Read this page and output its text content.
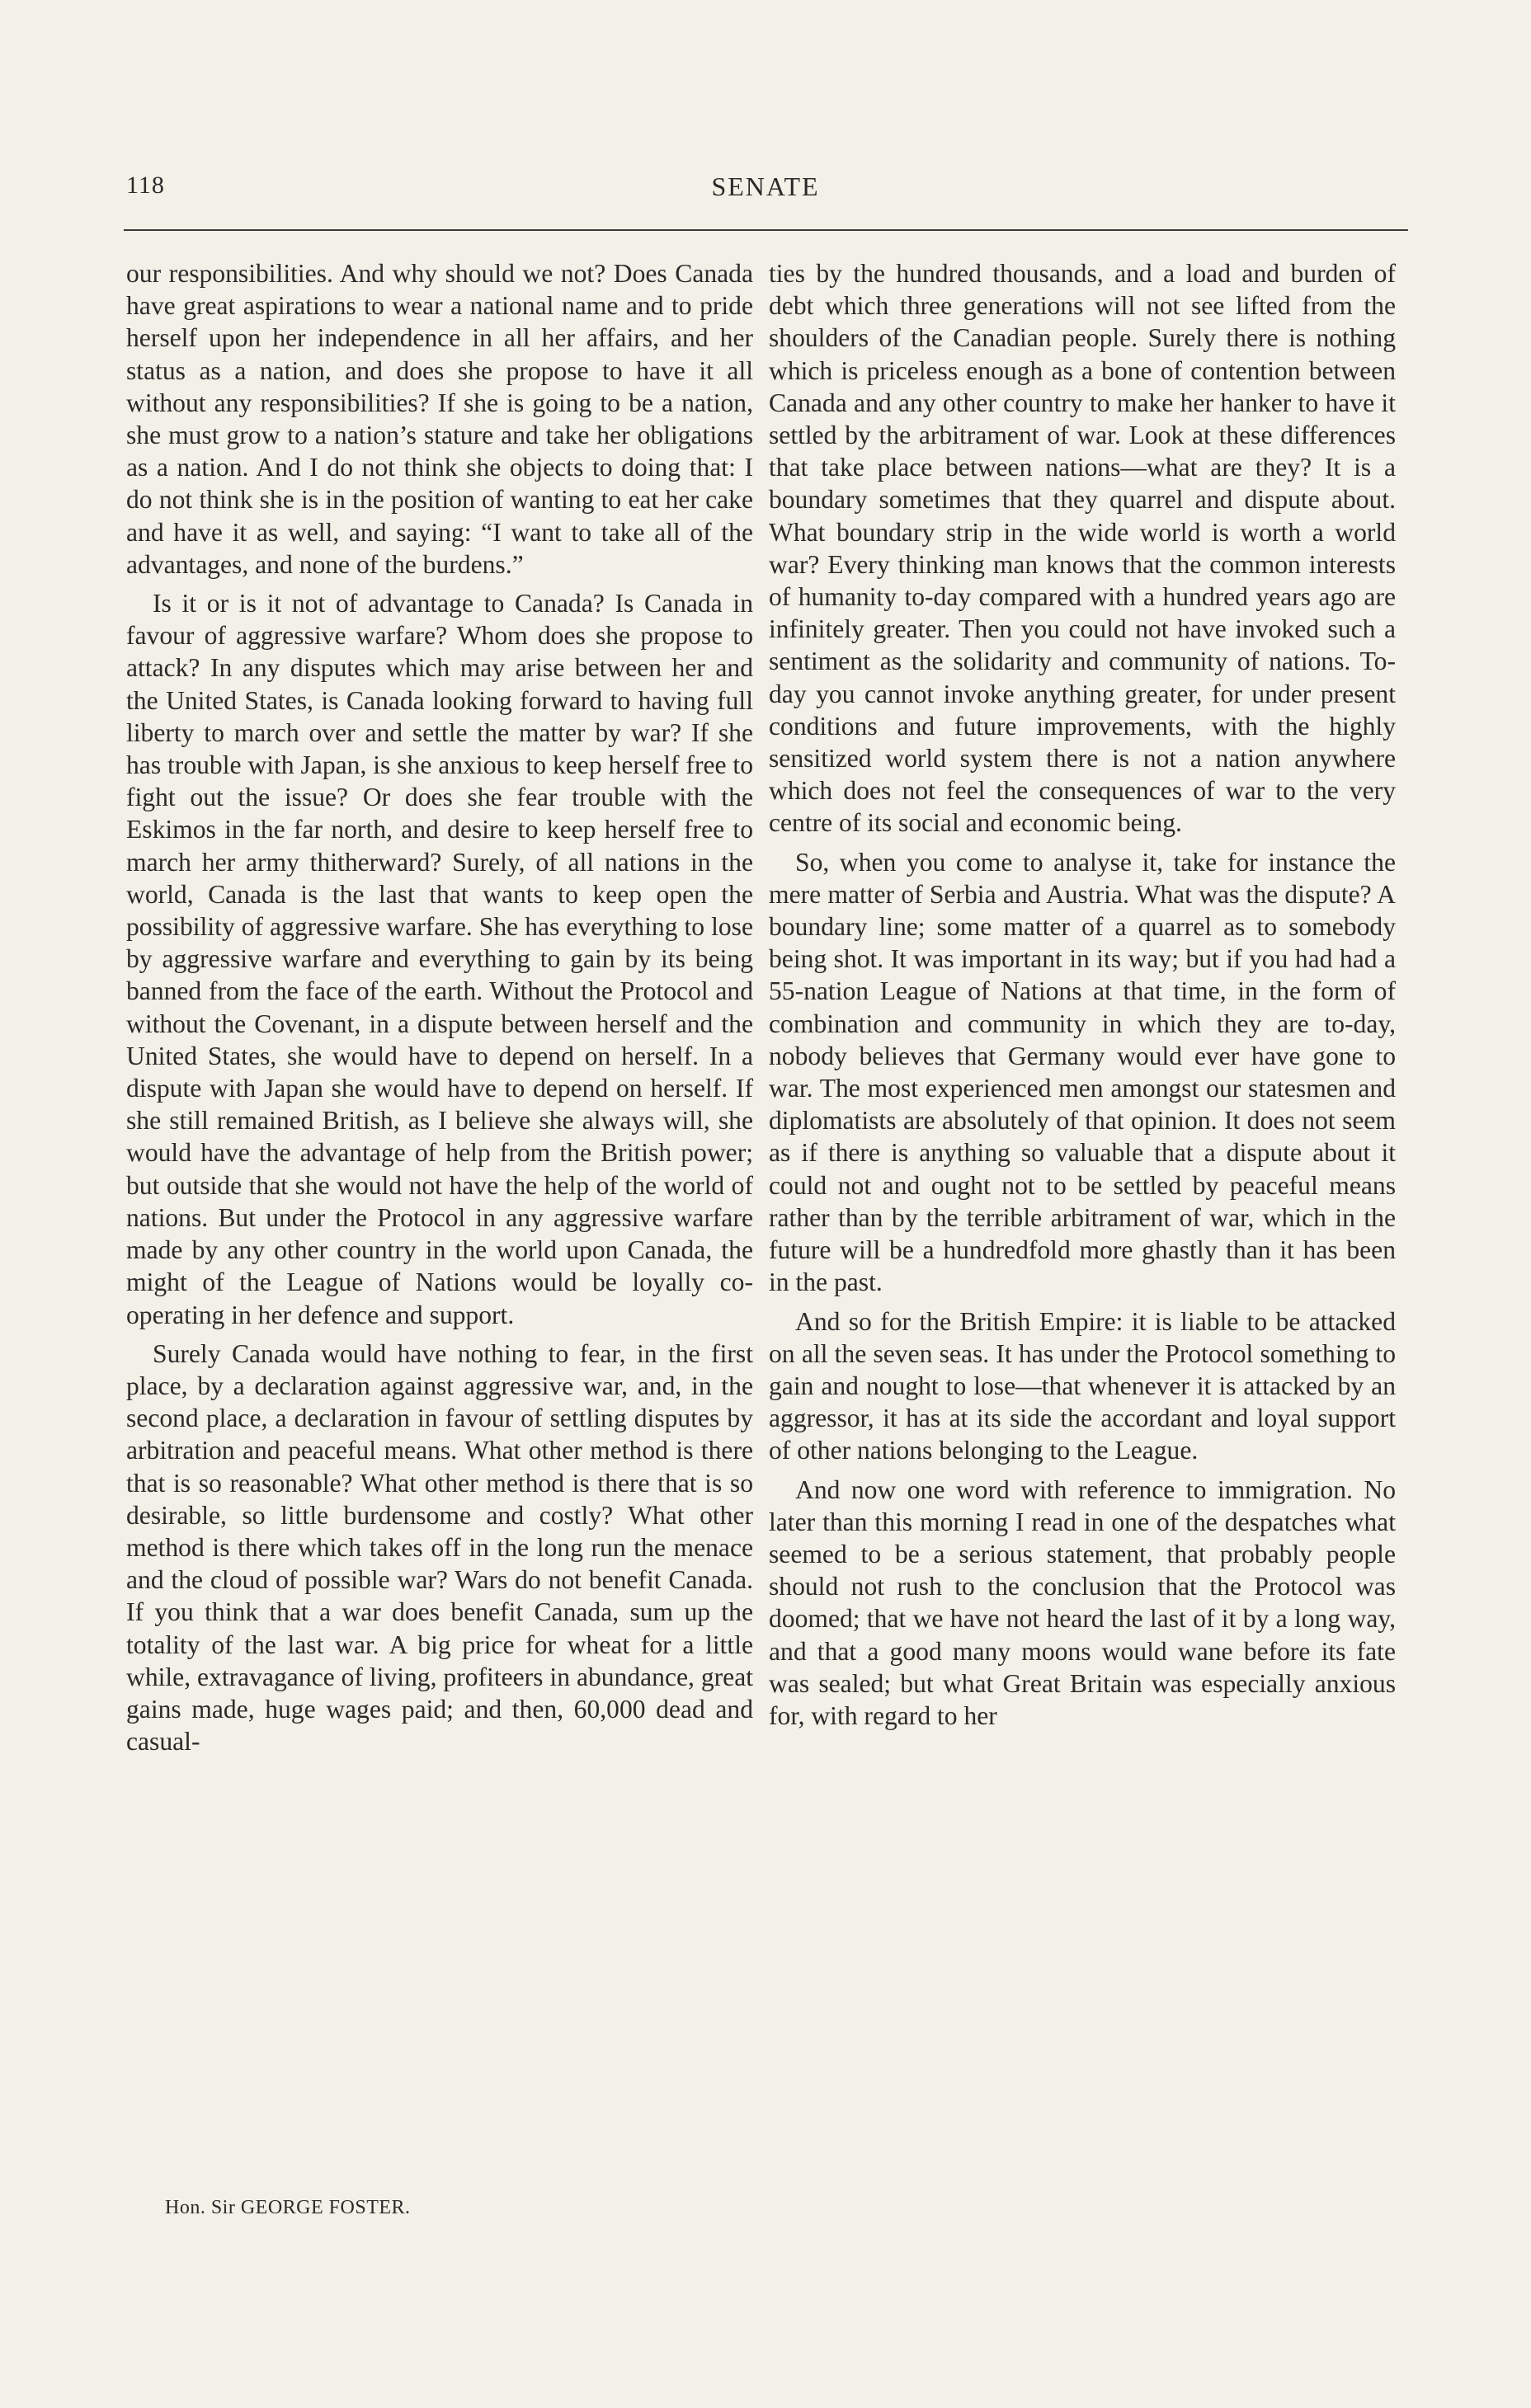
118	SENATE

our responsibilities. And why should we not? Does Canada have great aspirations to wear a national name and to pride herself upon her independence in all her affairs, and her status as a nation, and does she propose to have it all without any responsibilities? If she is going to be a nation, she must grow to a nation’s stature and take her obligations as a nation. And I do not think she objects to doing that: I do not think she is in the position of wanting to eat her cake and have it as well, and saying: “I want to take all of the advantages, and none of the burdens.”

Is it or is it not of advantage to Canada? Is Canada in favour of aggressive warfare? Whom does she propose to attack? In any disputes which may arise between her and the United States, is Canada looking forward to having full liberty to march over and settle the matter by war? If she has trouble with Japan, is she anxious to keep herself free to fight out the issue? Or does she fear trouble with the Eskimos in the far north, and desire to keep herself free to march her army thitherward? Surely, of all nations in the world, Canada is the last that wants to keep open the possibility of aggressive warfare. She has everything to lose by aggressive warfare and everything to gain by its being banned from the face of the earth. Without the Protocol and without the Covenant, in a dispute between herself and the United States, she would have to depend on herself. In a dispute with Japan she would have to depend on herself. If she still remained British, as I believe she always will, she would have the advantage of help from the British power; but outside that she would not have the help of the world of nations. But under the Protocol in any aggressive warfare made by any other country in the world upon Canada, the might of the League of Nations would be loyally co-operating in her defence and support.

Surely Canada would have nothing to fear, in the first place, by a declaration against aggressive war, and, in the second place, a declaration in favour of settling disputes by arbitration and peaceful means. What other method is there that is so reasonable? What other method is there that is so desirable, so little burdensome and costly? What other method is there which takes off in the long run the menace and the cloud of possible war? Wars do not benefit Canada. If you think that a war does benefit Canada, sum up the totality of the last war. A big price for wheat for a little while, extravagance of living, profiteers in abundance, great gains made, huge wages paid; and then, 60,000 dead and casual-

Hon. Sir GEORGE FOSTER.

ties by the hundred thousands, and a load and burden of debt which three generations will not see lifted from the shoulders of the Canadian people. Surely there is nothing which is priceless enough as a bone of contention between Canada and any other country to make her hanker to have it settled by the arbitrament of war. Look at these differences that take place between nations—what are they? It is a boundary sometimes that they quarrel and dispute about. What boundary strip in the wide world is worth a world war? Every thinking man knows that the common interests of humanity to-day compared with a hundred years ago are infinitely greater. Then you could not have invoked such a sentiment as the solidarity and community of nations. To-day you cannot invoke anything greater, for under present conditions and future improvements, with the highly sensitized world system there is not a nation anywhere which does not feel the consequences of war to the very centre of its social and economic being.

So, when you come to analyse it, take for instance the mere matter of Serbia and Austria. What was the dispute? A boundary line; some matter of a quarrel as to somebody being shot. It was important in its way; but if you had had a 55-nation League of Nations at that time, in the form of combination and community in which they are to-day, nobody believes that Germany would ever have gone to war. The most experienced men amongst our statesmen and diplomatists are absolutely of that opinion. It does not seem as if there is anything so valuable that a dispute about it could not and ought not to be settled by peaceful means rather than by the terrible arbitrament of war, which in the future will be a hundredfold more ghastly than it has been in the past.

And so for the British Empire: it is liable to be attacked on all the seven seas. It has under the Protocol something to gain and nought to lose—that whenever it is attacked by an aggressor, it has at its side the accordant and loyal support of other nations belonging to the League.

And now one word with reference to immigration. No later than this morning I read in one of the despatches what seemed to be a serious statement, that probably people should not rush to the conclusion that the Protocol was doomed; that we have not heard the last of it by a long way, and that a good many moons would wane before its fate was sealed; but what Great Britain was especially anxious for, with regard to her
